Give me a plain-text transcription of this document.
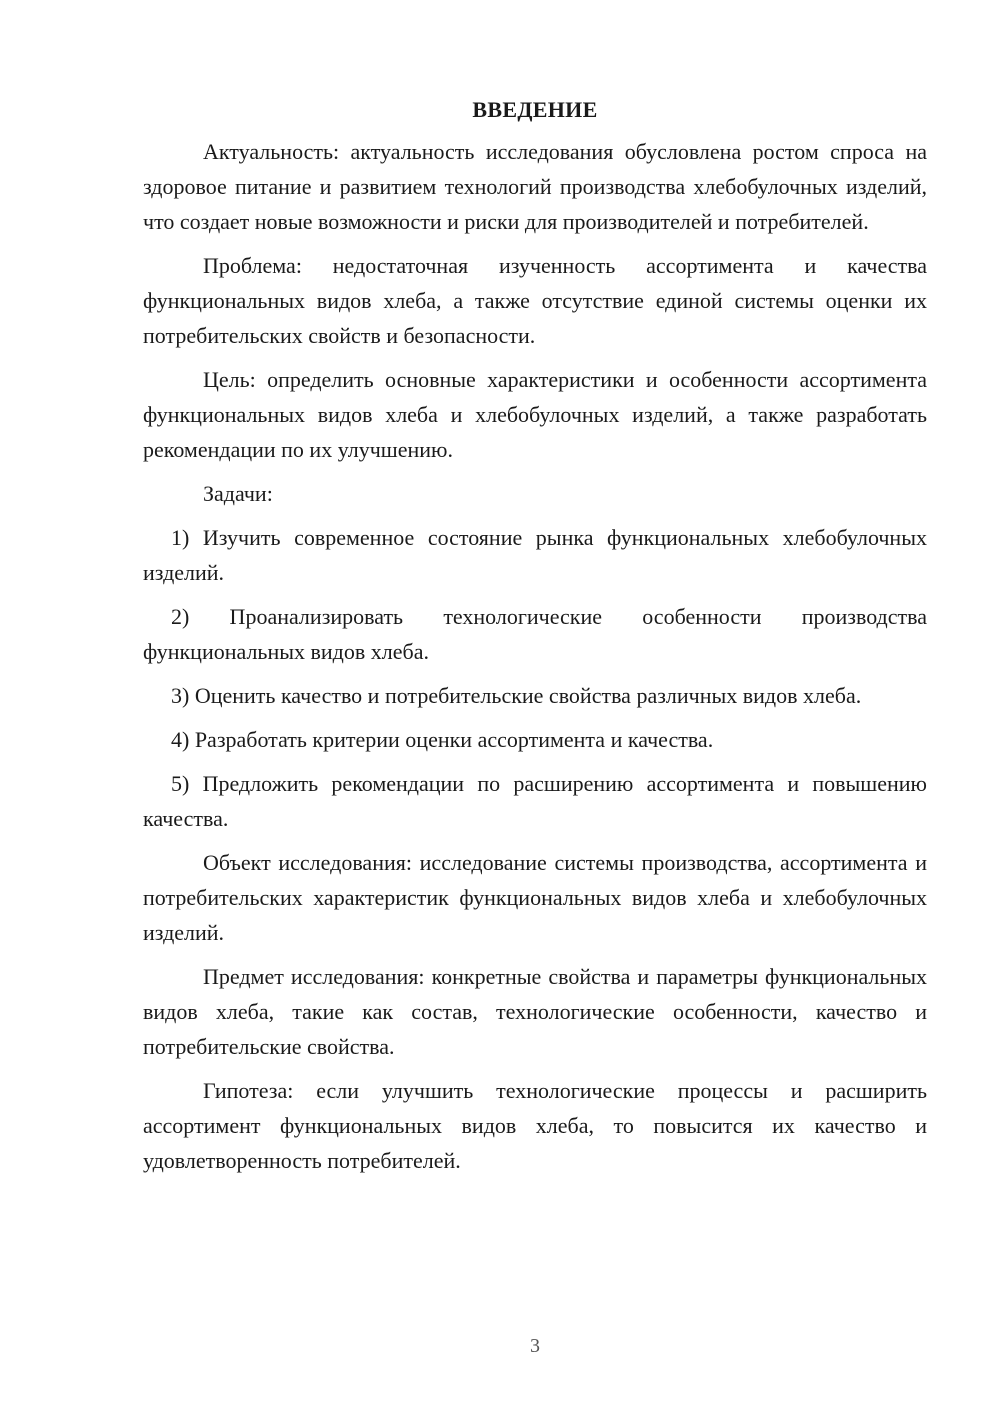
ВВЕДЕНИЕ

Актуальность: актуальность исследования обусловлена ростом спроса на здоровое питание и развитием технологий производства хлебобулочных изделий, что создает новые возможности и риски для производителей и потребителей.

Проблема: недостаточная изученность ассортимента и качества функциональных видов хлеба, а также отсутствие единой системы оценки их потребительских свойств и безопасности.

Цель: определить основные характеристики и особенности ассортимента функциональных видов хлеба и хлебобулочных изделий, а также разработать рекомендации по их улучшению.

Задачи:

1) Изучить современное состояние рынка функциональных хлебобулочных изделий.

2) Проанализировать технологические особенности производства функциональных видов хлеба.

3) Оценить качество и потребительские свойства различных видов хлеба.

4) Разработать критерии оценки ассортимента и качества.

5) Предложить рекомендации по расширению ассортимента и повышению качества.

Объект исследования: исследование системы производства, ассортимента и потребительских характеристик функциональных видов хлеба и хлебобулочных изделий.

Предмет исследования: конкретные свойства и параметры функциональных видов хлеба, такие как состав, технологические особенности, качество и потребительские свойства.

Гипотеза: если улучшить технологические процессы и расширить ассортимент функциональных видов хлеба, то повысится их качество и удовлетворенность потребителей.

3
